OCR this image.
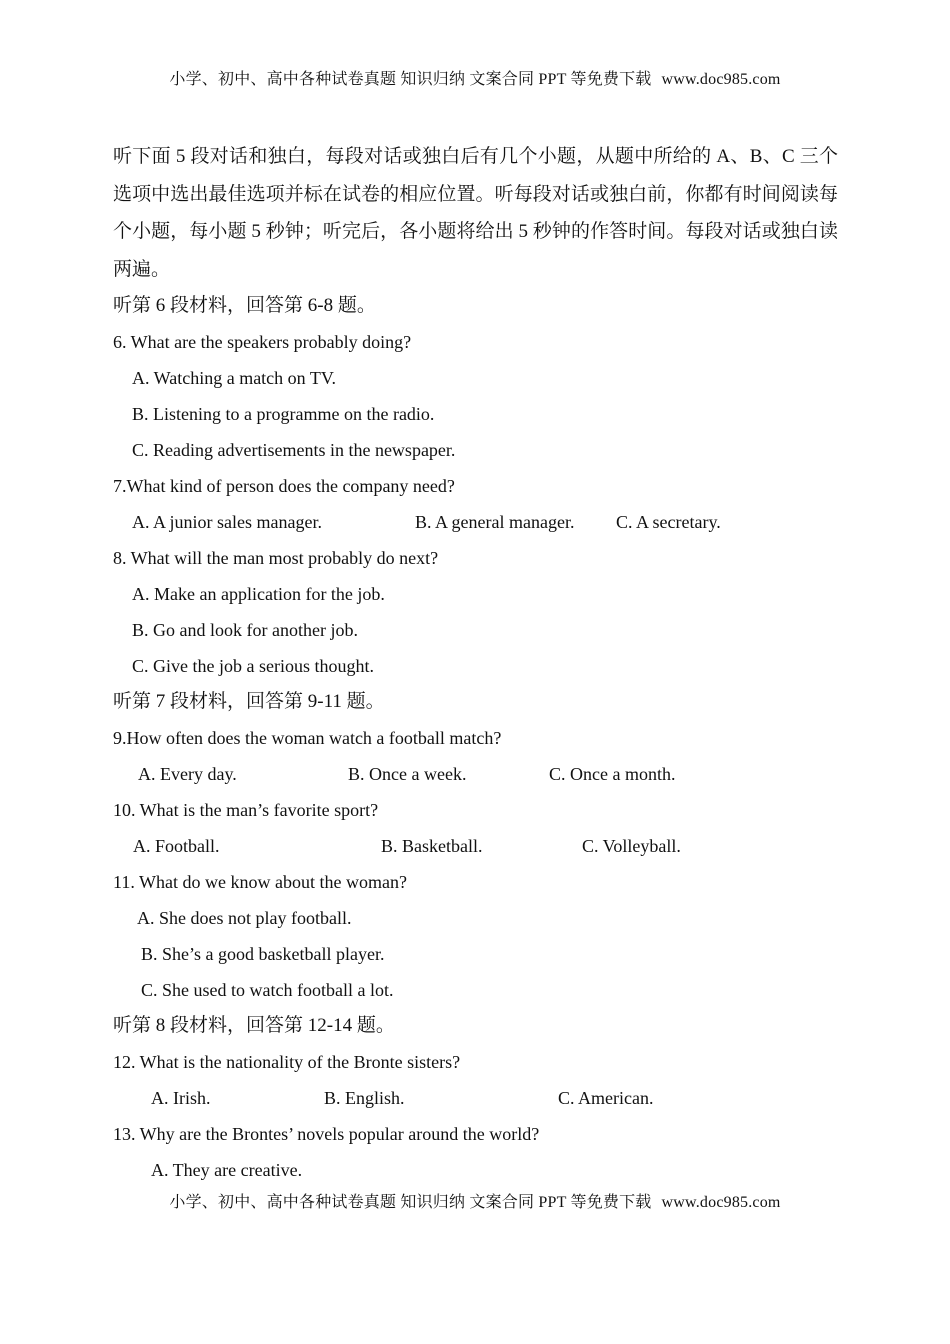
小学、初中、高中各种试卷真题 知识归纳 文案合同 PPT 等免费下载 www.doc985.com

听下面 5 段对话和独白，每段对话或独白后有几个小题，从题中所给的 A、B、C 三个选项中选出最佳选项并标在试卷的相应位置。听每段对话或独白前，你都有时间阅读每个小题，每小题 5 秒钟；听完后，各小题将给出 5 秒钟的作答时间。每段对话或独白读两遍。

听第 6 段材料，回答第 6-8 题。
6. What are the speakers probably doing?
A. Watching a match on TV.
B. Listening to a programme on the radio.
C. Reading advertisements in the newspaper.
7.What kind of person does the company need?
A. A junior sales manager.	B. A general manager. C. A secretary.
8. What will the man most probably do next?
A. Make an application for the job.
B. Go and look for another job.
C. Give the job a serious thought.
听第 7 段材料，回答第 9-11 题。
9.How often does the woman watch a football match?
A. Every day.	B. Once a week.	C. Once a month.
10. What is the man’s favorite sport?
A. Football.	B. Basketball.	C. Volleyball.
11. What do we know about the woman?
A. She does not play football.
B. She’s a good basketball player.
C. She used to watch football a lot.
听第 8 段材料，回答第 12-14 题。
12. What is the nationality of the Bronte sisters?
A. Irish.	B. English.	C. American.
13. Why are the Brontes’ novels popular around the world?
A. They are creative.
小学、初中、高中各种试卷真题 知识归纳 文案合同 PPT 等免费下载 www.doc985.com
